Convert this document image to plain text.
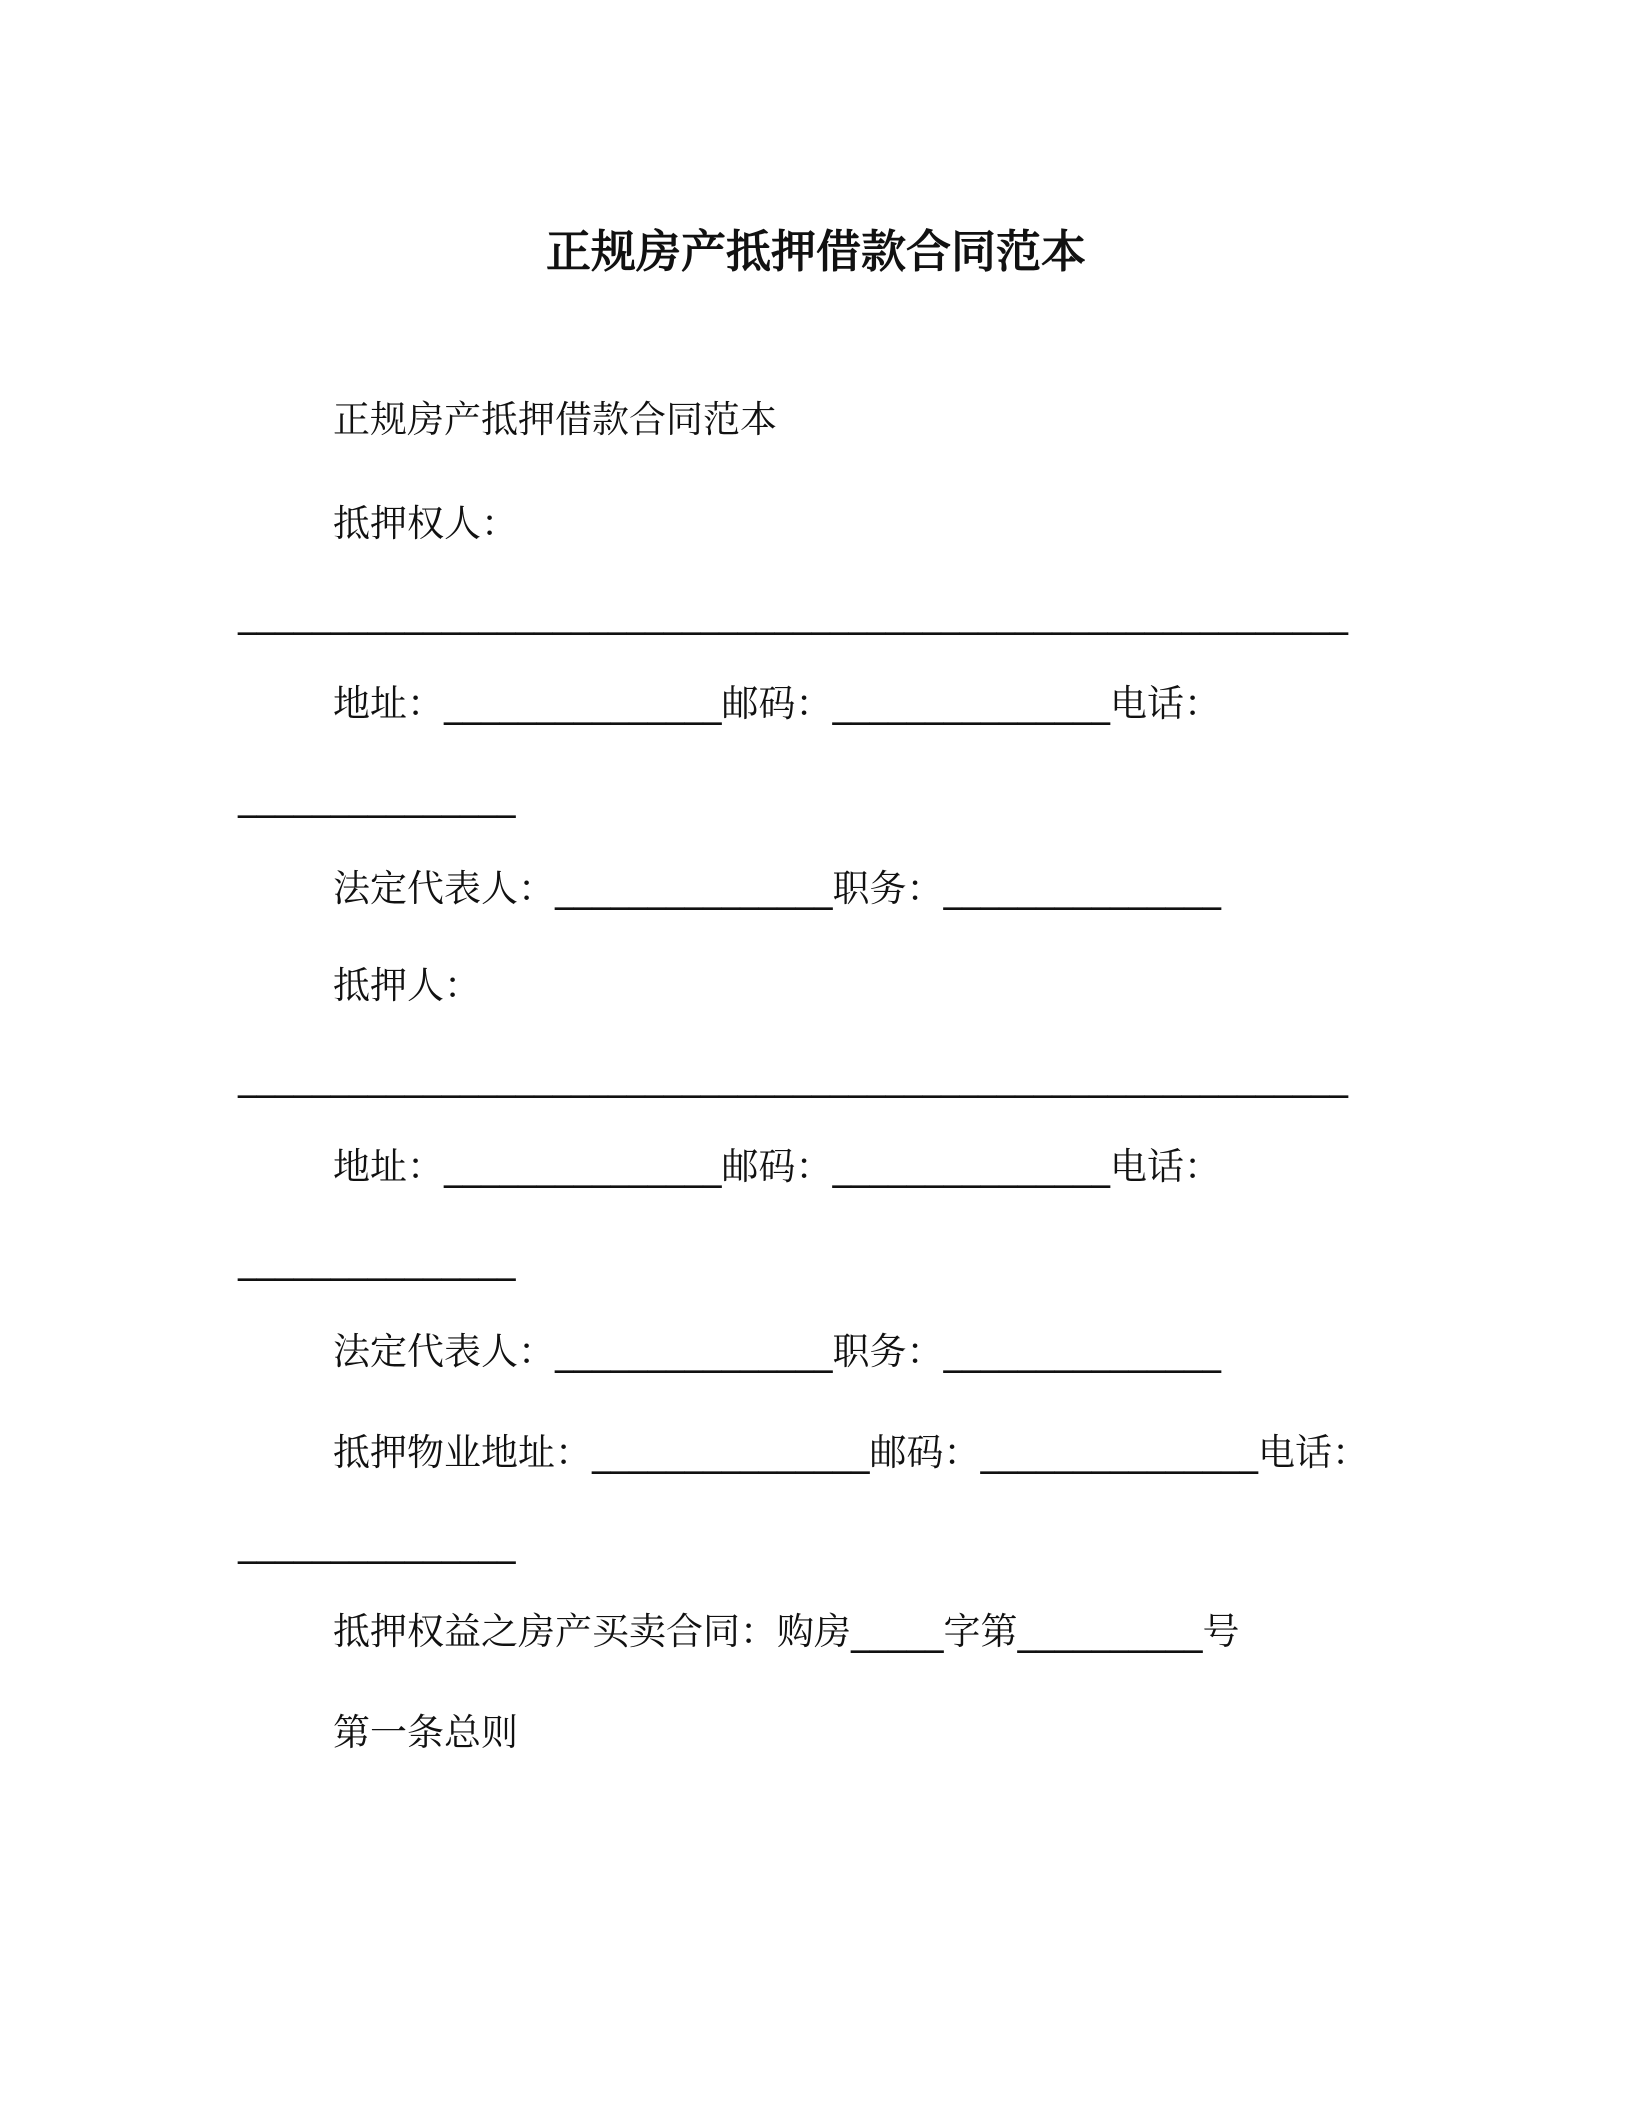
正规房产抵押借款合同范本
正规房产抵押借款合同范本
抵押权人：
____________________________________________________________
地址：_______________邮码：_______________电话：
_______________
法定代表人：_______________职务：_______________
抵押人：
____________________________________________________________
地址：_______________邮码：_______________电话：
_______________
法定代表人：_______________职务：_______________
抵押物业地址：_______________邮码：_______________电话：
_______________
抵押权益之房产买卖合同：购房_____字第__________号
第一条总则
